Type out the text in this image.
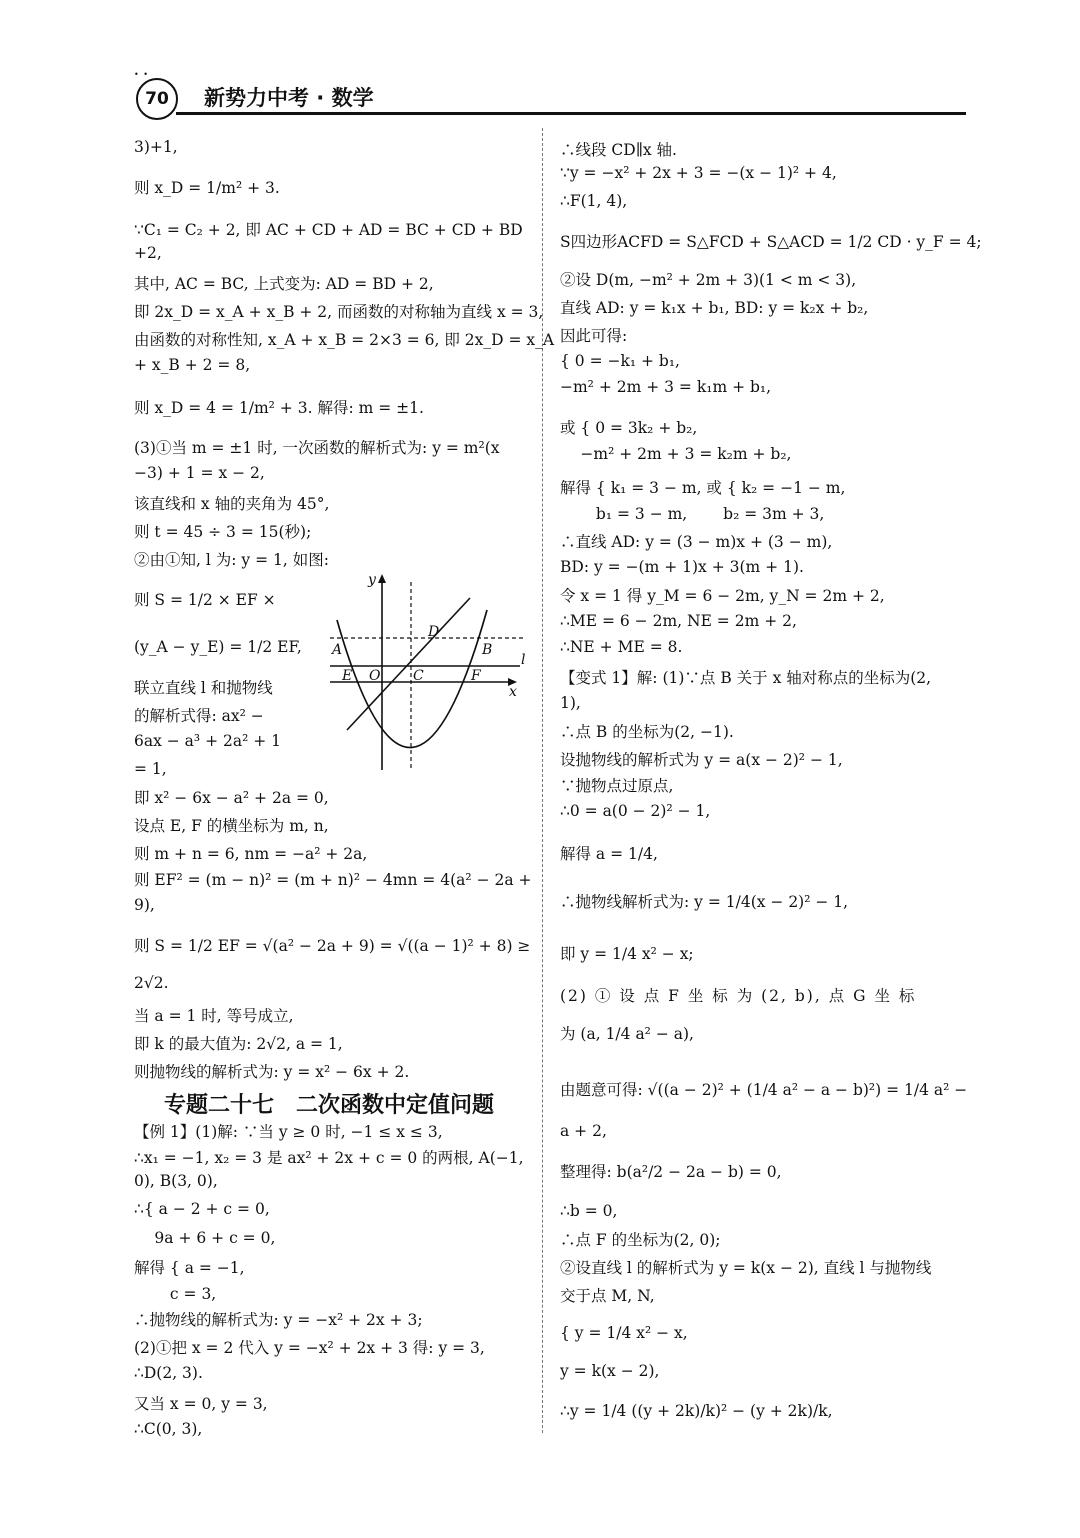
• •
70	新势力中考 · 数学
3)+1,
则 x_D = 1/m² + 3.
∵C₁ = C₂ + 2, 即 AC + CD + AD = BC + CD + BD
+2,
其中, AC = BC, 上式变为: AD = BD + 2,
即 2x_D = x_A + x_B + 2, 而函数的对称轴为直线 x = 3,
由函数的对称性知, x_A + x_B = 2×3 = 6, 即 2x_D = x_A
+ x_B + 2 = 8,
则 x_D = 4 = 1/m² + 3. 解得: m = ±1.
(3)①当 m = ±1 时, 一次函数的解析式为: y = m²(x
−3) + 1 = x − 2,
该直线和 x 轴的夹角为 45°,
则 t = 45 ÷ 3 = 15(秒);
②由①知, l 为: y = 1, 如图:
则 S = 1/2 × EF ×
(y_A − y_E) = 1/2 EF,
联立直线 l 和抛物线
的解析式得: ax² −
6ax − a³ + 2a² + 1
= 1,
即 x² − 6x − a² + 2a = 0,
设点 E, F 的横坐标为 m, n,
则 m + n = 6, nm = −a² + 2a,
则 EF² = (m − n)² = (m + n)² − 4mn = 4(a² − 2a +
9),
则 S = 1/2 EF = √(a² − 2a + 9) = √((a − 1)² + 8) ≥
2√2.
当 a = 1 时, 等号成立,
即 k 的最大值为: 2√2, a = 1,
则抛物线的解析式为: y = x² − 6x + 2.
专题二十七　二次函数中定值问题
【例 1】(1)解: ∵当 y ≥ 0 时, −1 ≤ x ≤ 3,
∴x₁ = −1, x₂ = 3 是 ax² + 2x + c = 0 的两根, A(−1,
0), B(3, 0),
∴{ a − 2 + c = 0,
　 9a + 6 + c = 0,
解得 { a = −1,
　　 c = 3,
∴抛物线的解析式为: y = −x² + 2x + 3;
(2)①把 x = 2 代入 y = −x² + 2x + 3 得: y = 3,
∴D(2, 3).
又当 x = 0, y = 3,
∴C(0, 3),
y
D
A	B
l
E O C	F
x
∴线段 CD∥x 轴.
∵y = −x² + 2x + 3 = −(x − 1)² + 4,
∴F(1, 4),
S四边形ACFD = S△FCD + S△ACD = 1/2 CD · y_F = 4;
②设 D(m, −m² + 2m + 3)(1 < m < 3),
直线 AD: y = k₁x + b₁, BD: y = k₂x + b₂,
因此可得:
{ 0 = −k₁ + b₁,
−m² + 2m + 3 = k₁m + b₁,
或 { 0 = 3k₂ + b₂,
　 −m² + 2m + 3 = k₂m + b₂,
解得 { k₁ = 3 − m, 或 { k₂ = −1 − m,
　　 b₁ = 3 − m,　　 b₂ = 3m + 3,
∴直线 AD: y = (3 − m)x + (3 − m),
BD: y = −(m + 1)x + 3(m + 1).
令 x = 1 得 y_M = 6 − 2m, y_N = 2m + 2,
∴ME = 6 − 2m, NE = 2m + 2,
∴NE + ME = 8.
【变式 1】解: (1)∵点 B 关于 x 轴对称点的坐标为(2,
1),
∴点 B 的坐标为(2, −1).
设抛物线的解析式为 y = a(x − 2)² − 1,
∵抛物点过原点,
∴0 = a(0 − 2)² − 1,
解得 a = 1/4,
∴抛物线解析式为: y = 1/4(x − 2)² − 1,
即 y = 1/4 x² − x;
(2) ① 设 点 F 坐 标 为 (2, b), 点 G 坐 标
为 (a, 1/4 a² − a),
由题意可得: √((a − 2)² + (1/4 a² − a − b)²) = 1/4 a² −
a + 2,
整理得: b(a²/2 − 2a − b) = 0,
∴b = 0,
∴点 F 的坐标为(2, 0);
②设直线 l 的解析式为 y = k(x − 2), 直线 l 与抛物线
交于点 M, N,
{ y = 1/4 x² − x,
y = k(x − 2),
∴y = 1/4 ((y + 2k)/k)² − (y + 2k)/k,
